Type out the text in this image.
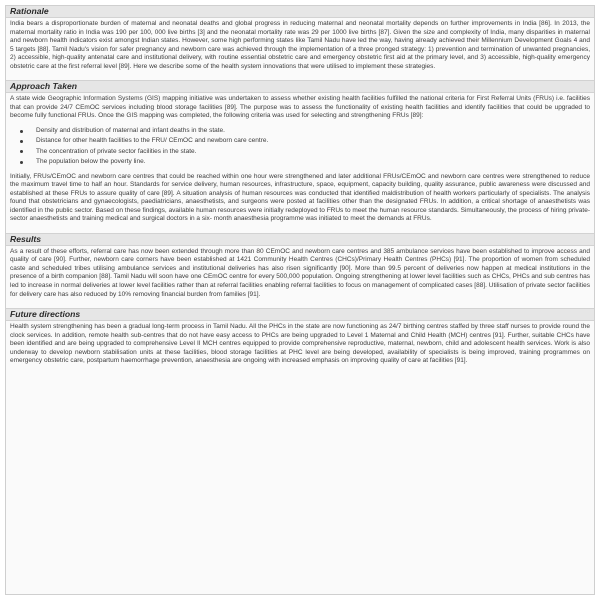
Rationale

India bears a disproportionate burden of maternal and neonatal deaths and global progress in reducing maternal and neonatal mortality depends on further improvements in India [86]. In 2013, the maternal mortality ratio in India was 190 per 100, 000 live births [3] and the neonatal mortality rate was 29 per 1000 live births [87]. Given the size and complexity of India, many disparities in maternal and newborn health indicators exist amongst Indian states. However, some high performing states like Tamil Nadu have led the way, having already achieved their Millennium Development Goals 4 and 5 targets [88]. Tamil Nadu's vision for safer pregnancy and newborn care was achieved through the implementation of a three pronged strategy: 1) prevention and termination of unwanted pregnancies, 2) accessible, high-quality antenatal care and institutional delivery, with routine essential obstetric care and emergency obstetric first aid at the primary level, and 3) accessible, high-quality emergency obstetric care at the first referral level [89]. Here we describe some of the health system innovations that were utilised to implement these strategies.

Approach Taken

A state wide Geographic Information Systems (GIS) mapping initiative was undertaken to assess whether existing health facilities fulfilled the national criteria for First Referral Units (FRUs) i.e. facilities that can provide 24/7 CEmOC services including blood storage facilities [89]. The purpose was to assess the functionality of existing health facilities and identify facilities that could be upgraded to become fully functional FRUs. Once the GIS mapping was completed, the following criteria was used for selecting and strengthening FRUs [89]:

Density and distribution of maternal and infant deaths in the state.
Distance for other health facilities to the FRU/ CEmOC and newborn care centre.
The concentration of private sector facilities in the state.
The population below the poverty line.

Initially, FRUs/CEmOC and newborn care centres that could be reached within one hour were strengthened and later additional FRUs/CEmOC and newborn care centres were strengthened to reduce the maximum travel time to half an hour. Standards for service delivery, human resources, infrastructure, space, equipment, capacity building, quality assurance, public awareness were discussed and established at these FRUs to assure quality of care [89]. A situation analysis of human resources was conducted that identified maldistribution of health workers particularly of specialists. The analysis found that obstetricians and gynaecologists, paediatricians, anaesthetists, and surgeons were posted at facilities other than the designated FRUs. In addition, a critical shortage of anaesthetists was identified in the public sector. Based on these findings, available human resources were initially redeployed to FRUs to meet the human resource standards. Simultaneously, the process of hiring private-sector anaesthetists and training medical and surgical doctors in a six- month anaesthesia programme was initiated to meet the demands at FRUs.

Results

As a result of these efforts, referral care has now been extended through more than 80 CEmOC and newborn care centres and 385 ambulance services have been established to improve access and quality of care [90]. Further, newborn care corners have been established at 1421 Community Health Centres (CHCs)/Primary Health Centres (PHCs) [91]. The proportion of women from scheduled caste and scheduled tribes utilising ambulance services and institutional deliveries has also risen significantly [90]. More than 99.5 percent of deliveries now happen at medical institutions in the presence of a birth companion [88]. Tamil Nadu will soon have one CEmOC centre for every 500,000 population. Ongoing strengthening at lower level facilities such as CHCs, PHCs and sub centres has led to increase in normal deliveries at lower level facilities rather than at referral facilities enabling referral facilities to focus on management of complicated cases [88]. Utilisation of private sector facilities for delivery care has also reduced by 10% removing financial burden from families [91].

Future directions

Health system strengthening has been a gradual long-term process in Tamil Nadu. All the PHCs in the state are now functioning as 24/7 birthing centres staffed by three staff nurses to provide round the clock services. In addition, remote health sub-centres that do not have easy access to PHCs are being upgraded to Level 1 Maternal and Child Health (MCH) centres [91]. Further, suitable CHCs have been identified and are being upgraded to comprehensive Level II MCH centres equipped to provide comprehensive reproductive, maternal, newborn, child and adolescent health services. Work is also underway to develop newborn stabilisation units at these facilities, blood storage facilities at PHC level are being developed, availability of specialists is being improved, training programmes on emergency obstetric care, postpartum haemorrhage prevention, anaesthesia are ongoing with increased emphasis on improving quality of care at facilities [91].
